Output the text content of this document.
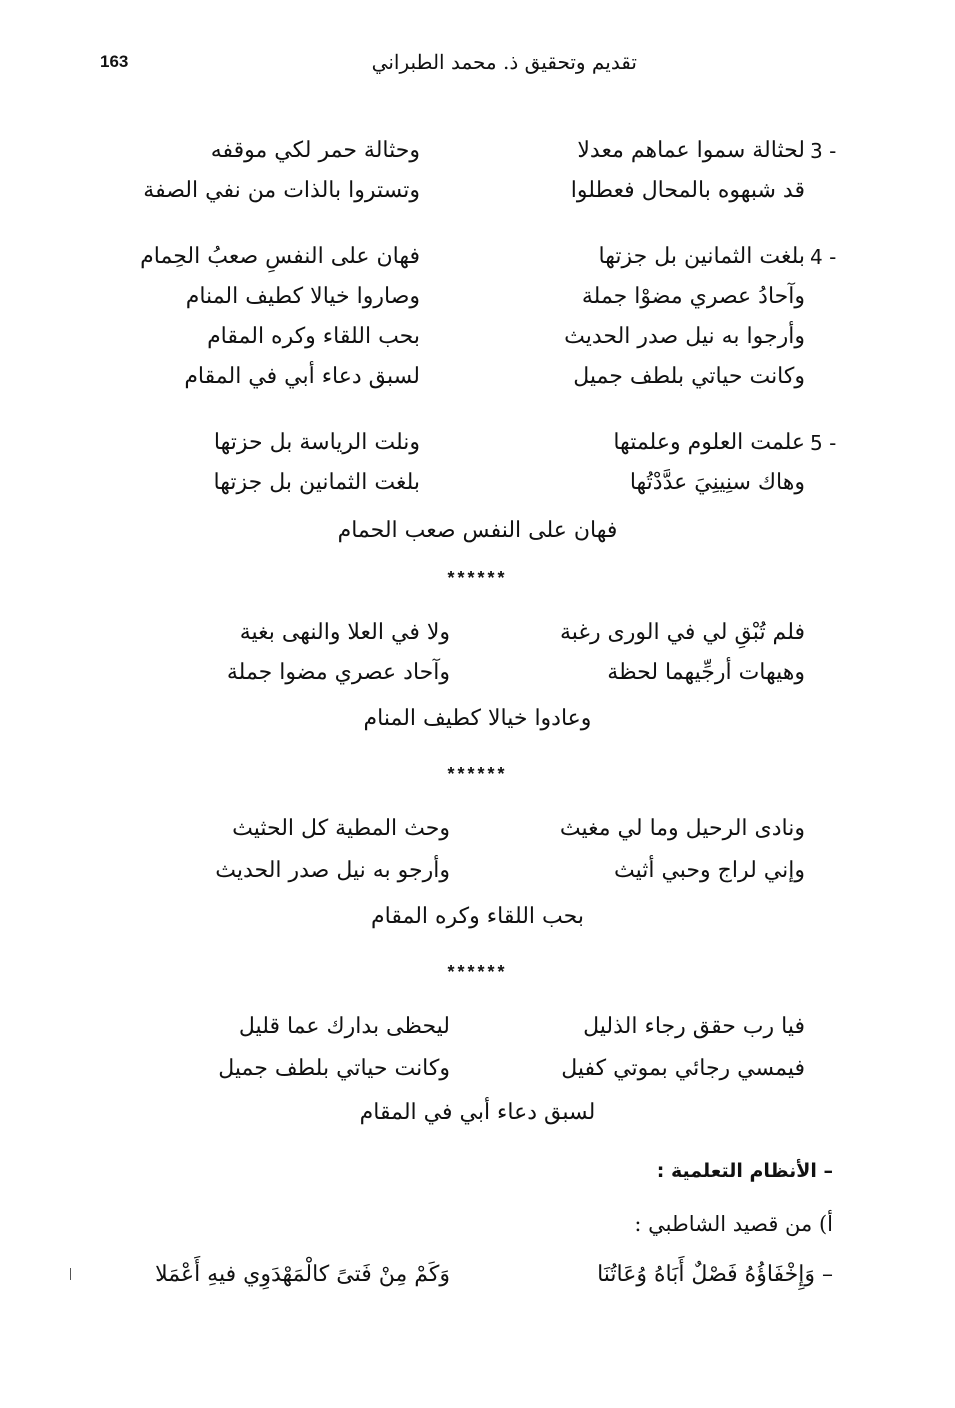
163	تقديم وتحقيق ذ. محمد الطبراني
3 -
لحثالة سموا عماهم معدلا
وحثالة حمر لكي موقفه
قد شبهوه بالمحال فعطلوا
وتستروا بالذات من نفي الصفة
4 -
بلغت الثمانين بل جزتها
فهان على النفسِ صعبُ الحِمام
وآحادُ عصري مضوْا جملة
وصاروا خيالا كطيف المنام
وأرجوا به نيل صدر الحديث
بحب اللقاء وكره المقام
وكانت حياتي بلطف جميل
لسبق دعاء أبي في المقام
5 -
علمت العلوم وعلمتها
ونلت الرياسة بل حزتها
وهاك سنِينِيَ عدَّدْتُها
بلغت الثمانين بل جزتها
فهان على النفس صعب الحمام
******
فلم تُبْقِ لي في الورى رغبة
ولا في العلا والنهى بغية
وهيهات أرجِّيهما لحظة
وآحاد عصري مضوا جملة
وعادوا خيالا كطيف المنام
******
ونادى الرحيل وما لي مغيث
وحث المطية كل الحثيث
وإني لراج وحبي أثيث
وأرجو به نيل صدر الحديث
بحب اللقاء وكره المقام
******
فيا رب حقق رجاء الذليل
ليحظى بدارك عما قليل
فيمسي رجائي بموتي كفيل
وكانت حياتي بلطف جميل
لسبق دعاء أبي في المقام
– الأنظام التعلمية :
أ) من قصيد الشاطبي :
– وَإِخْفَاؤُهُ فَصْلٌ أَبَاهُ وُعَاتُنَا
وَكَمْ مِنْ فَتىً كالْمَهْدَوِي فيهِ أَعْمَلا
